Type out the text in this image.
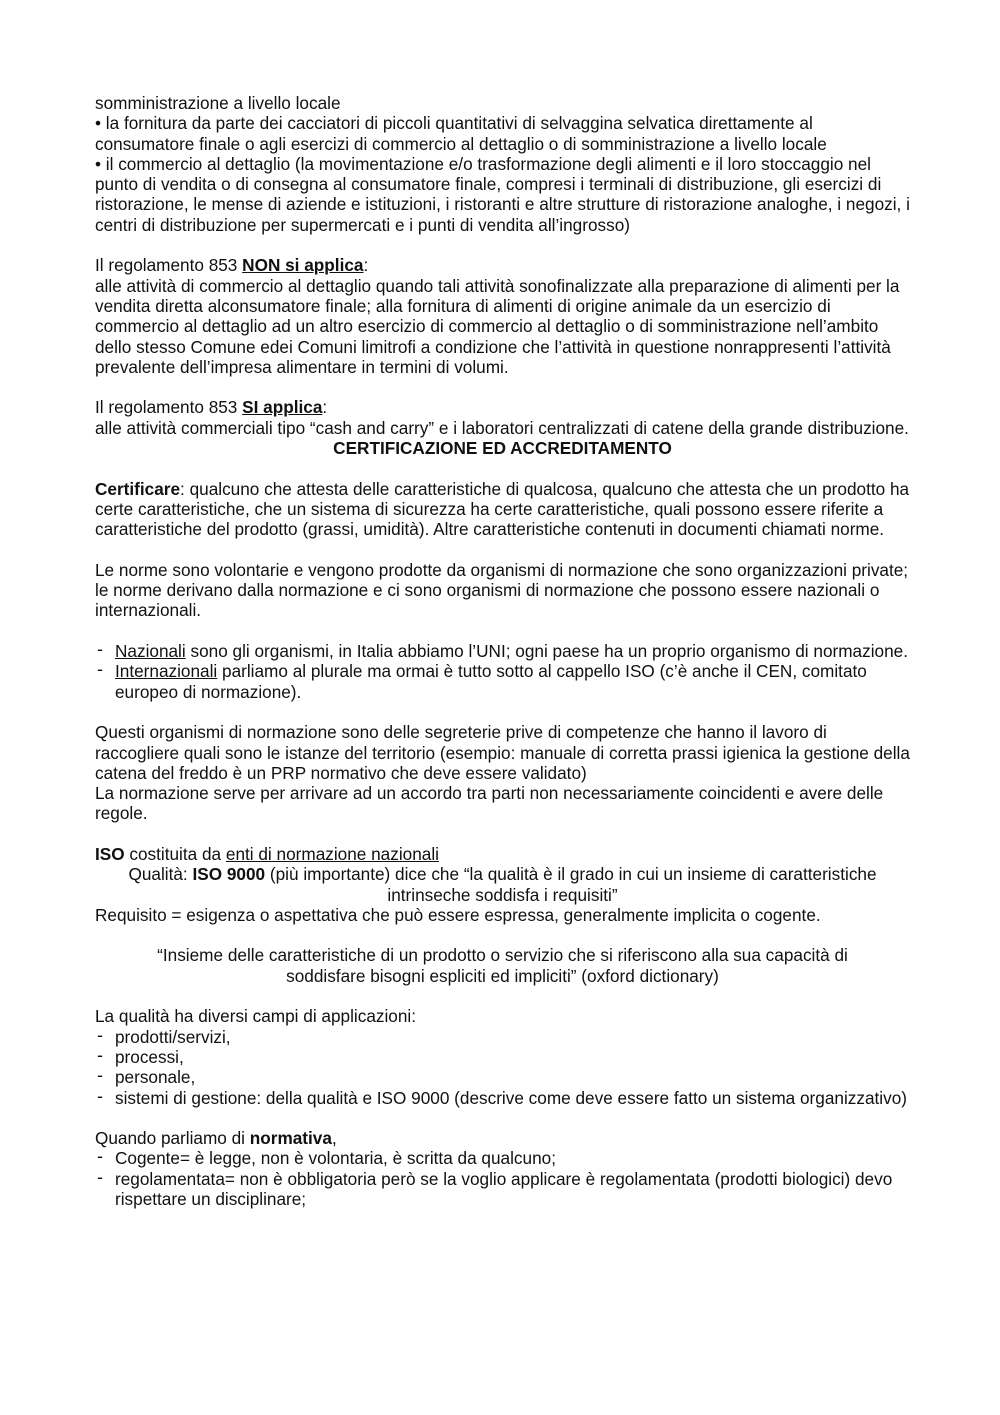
somministrazione a livello locale

• la fornitura da parte dei cacciatori di piccoli quantitativi di selvaggina selvatica direttamente al consumatore finale o agli esercizi di commercio al dettaglio o di somministrazione a livello locale

• il commercio al dettaglio (la movimentazione e/o trasformazione degli alimenti e il loro stoccaggio nel punto di vendita o di consegna al consumatore finale, compresi i terminali di distribuzione, gli esercizi di ristorazione, le mense di aziende e istituzioni, i ristoranti e altre strutture di ristorazione analoghe, i negozi, i centri di distribuzione per supermercati e i punti di vendita all’ingrosso)

Il regolamento 853 NON si applica:

alle attività di commercio al dettaglio quando tali attività sonofinalizzate alla preparazione di alimenti per la vendita diretta alconsumatore finale; alla fornitura di alimenti di origine animale da un esercizio di commercio al dettaglio ad un altro esercizio di commercio al dettaglio o di somministrazione nell’ambito dello stesso Comune edei Comuni limitrofi a condizione che l’attività in questione nonrappresenti l’attività prevalente dell’impresa alimentare in termini di volumi.

Il regolamento 853 SI applica:

alle attività commerciali tipo “cash and carry” e i laboratori centralizzati di catene della grande distribuzione.

CERTIFICAZIONE ED ACCREDITAMENTO

Certificare: qualcuno che attesta delle caratteristiche di qualcosa, qualcuno che attesta che un prodotto ha certe caratteristiche, che un sistema di sicurezza ha certe caratteristiche, quali possono essere riferite a caratteristiche del prodotto (grassi, umidità). Altre caratteristiche contenuti in documenti chiamati norme.

Le norme sono volontarie e vengono prodotte da organismi di normazione che sono organizzazioni private; le norme derivano dalla normazione e ci sono organismi di normazione che possono essere nazionali o internazionali.

- Nazionali sono gli organismi, in Italia abbiamo l’UNI; ogni paese ha un proprio organismo di normazione.
- Internazionali parliamo al plurale ma ormai è tutto sotto al cappello ISO (c’è anche il CEN, comitato europeo di normazione).

Questi organismi di normazione sono delle segreterie prive di competenze che hanno il lavoro di raccogliere quali sono le istanze del territorio (esempio: manuale di corretta prassi igienica la gestione della catena del freddo è un PRP normativo che deve essere validato)

La normazione serve per arrivare ad un accordo tra parti non necessariamente coincidenti e avere delle regole.

ISO costituita da enti di normazione nazionali

Qualità: ISO 9000 (più importante) dice che “la qualità è il grado in cui un insieme di caratteristiche intrinseche soddisfa i requisiti”

Requisito = esigenza o aspettativa che può essere espressa, generalmente implicita o cogente.

“Insieme delle caratteristiche di un prodotto o servizio che si riferiscono alla sua capacità di soddisfare bisogni espliciti ed impliciti” (oxford dictionary)

La qualità ha diversi campi di applicazioni:

- prodotti/servizi,
- processi,
- personale,
- sistemi di gestione: della qualità e ISO 9000 (descrive come deve essere fatto un sistema organizzativo)

Quando parliamo di normativa,

- Cogente= è legge, non è volontaria, è scritta da qualcuno;
- regolamentata= non è obbligatoria però se la voglio applicare è regolamentata (prodotti biologici) devo rispettare un disciplinare;
